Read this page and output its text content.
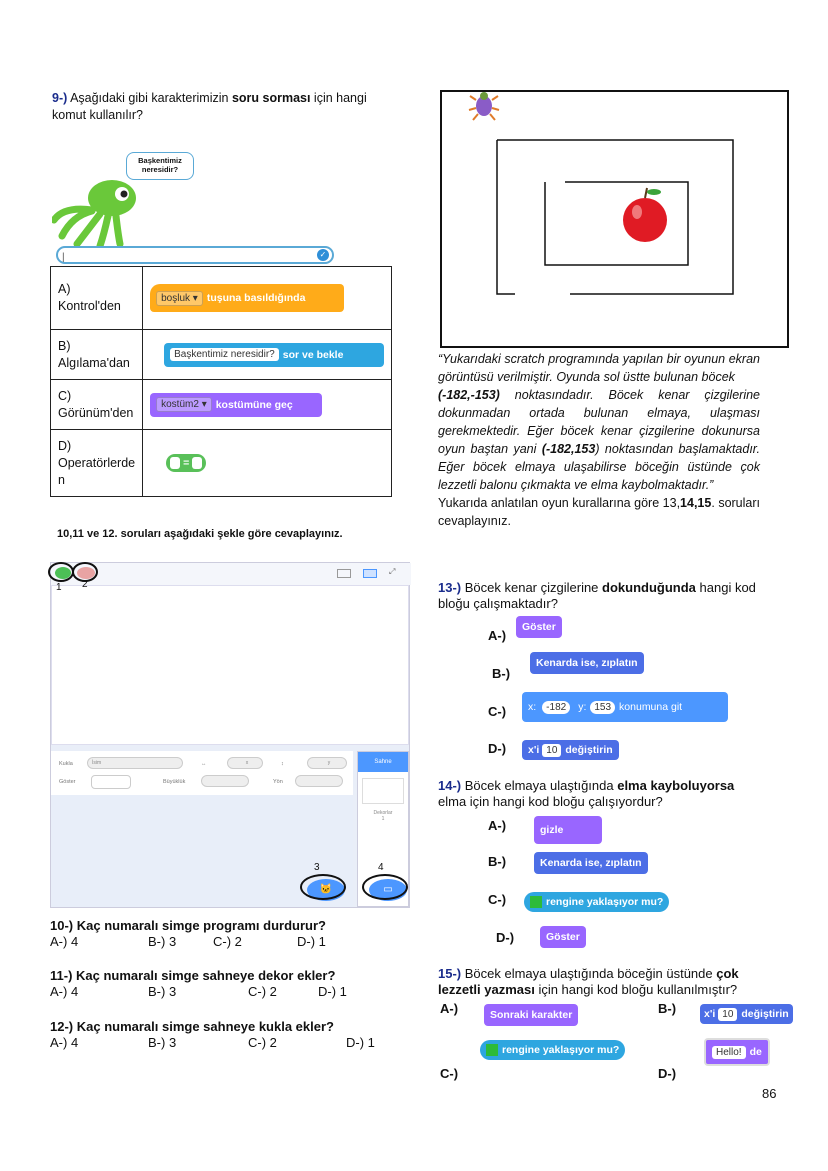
9-) Aşağıdaki gibi karakterimizin soru sorması için hangi komut kullanılır?
Başkentimiz neresidir?
|	✓
A) Kontrol'den	boşluk ▾ tuşuna basıldığında

B) Algılama'dan	Başkentimiz neresidir? sor ve bekle

C) Görünüm'den	kostüm2 ▾ kostümüne geç

D) Operatörlerde n	=
10,11 ve 12. soruları aşağıdaki şekle göre cevaplayınız.
⤢
Kukla	İsim	↔	x	↕	y
Göster	Büyüklük	Yön
Sahne
Dekorlar
1
🐱	▭
1 2
3	4
10-) Kaç numaralı simge programı durdurur?
A-) 4	B-) 3	C-) 2	D-) 1
11-) Kaç numaralı simge sahneye dekor ekler?
A-) 4	B-) 3	C-) 2	D-) 1
12-) Kaç numaralı simge sahneye kukla ekler?
A-) 4	B-) 3	C-) 2	D-) 1
“Yukarıdaki scratch programında yapılan bir oyunun ekran görüntüsü verilmiştir. Oyunda sol üstte bulunan böcek
(-182,-153) noktasındadır. Böcek kenar çizgilerine dokunmadan ortada bulunan elmaya, ulaşması gerekmektedir. Eğer böcek kenar çizgilerine dokunursa oyun baştan yani (-182,153) noktasından başlamaktadır. Eğer böcek elmaya ulaşabilirse böceğin üstünde çok lezzetli balonu çıkmakta ve elma kaybolmaktadır.”
Yukarıda anlatılan oyun kurallarına göre 13,14,15. soruları cevaplayınız.
13-) Böcek kenar çizgilerine dokunduğunda hangi kod bloğu çalışmaktadır?
A-)
Göster
B-)
Kenarda ise, zıplatın
C-) x:	-182	y: 153 konumuna git
D-) x'i 10 değiştirin
14-) Böcek elmaya ulaştığında elma kayboluyorsa elma için hangi kod bloğu çalışıyordur?
A-)	gizle
B-)	Kenarda ise, zıplatın
C-)	rengine yaklaşıyor mu?
D-)	Göster
15-) Böcek elmaya ulaştığında böceğin üstünde çok lezzetli yazması için hangi kod bloğu kullanılmıştır?
A-)	Sonraki karakter	B-)	x'i 10 değiştirin
rengine yaklaşıyor mu?	Hello! de
C-)	D-)
86
